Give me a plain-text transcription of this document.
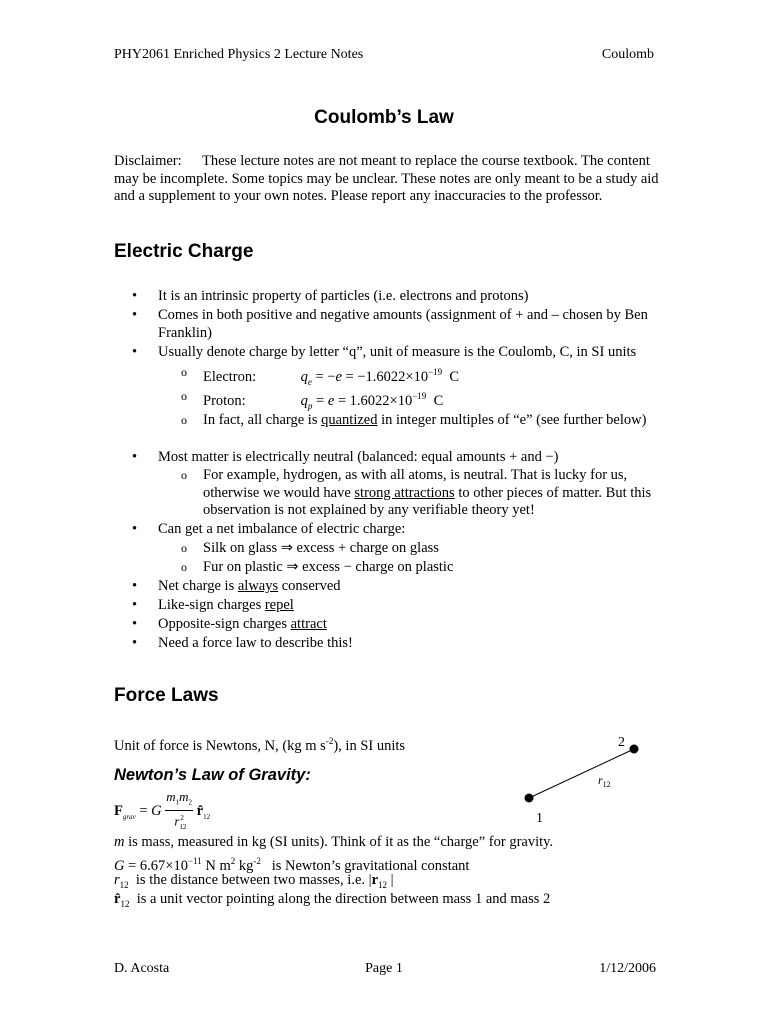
PHY2061 Enriched Physics 2 Lecture Notes	Coulomb
Coulomb’s Law
Disclaimer: These lecture notes are not meant to replace the course textbook. The content may be incomplete. Some topics may be unclear. These notes are only meant to be a study aid and a supplement to your own notes. Please report any inaccuracies to the professor.
Electric Charge
• It is an intrinsic property of particles (i.e. electrons and protons)
• Comes in both positive and negative amounts (assignment of + and – chosen by Ben Franklin)
• Usually denote charge by letter “q”, unit of measure is the Coulomb, C, in SI units
o Electron:	$q_e = -e = -1.6022\times 10^{-19}$  C
o Proton:	$q_p = e = 1.6022\times 10^{-19}$  C
o In fact, all charge is quantized in integer multiples of “e” (see further below)
• Most matter is electrically neutral (balanced: equal amounts + and −)
o For example, hydrogen, as with all atoms, is neutral. That is lucky for us, otherwise we would have strong attractions to other pieces of matter. But this observation is not explained by any verifiable theory yet!
• Can get a net imbalance of electric charge:
o Silk on glass ⇒ excess + charge on glass
o Fur on plastic ⇒ excess − charge on plastic
• Net charge is always conserved
• Like-sign charges repel
• Opposite-sign charges attract
• Need a force law to describe this!
Force Laws
Unit of force is Newtons, N, (kg m $s^{-2}$), in SI units
Newton’s Law of Gravity:
$F_{grav} = G \frac{m_1m_2}{r_{12}^2}$ $r̂_{12}$	1
2
$r_{12}$
m is mass, measured in kg (SI units). Think of it as the “charge” for gravity.
$G = 6.67\times 10^{-11}$ N $m^2$ $kg^{-2}$ is Newton’s gravitational constant
$r_{12}$ is the distance between two masses, i.e. $|r_{12}$ |
$r̂_{12}$ is a unit vector pointing along the direction between mass 1 and mass 2
D. Acosta	Page 1	1/12/2006
